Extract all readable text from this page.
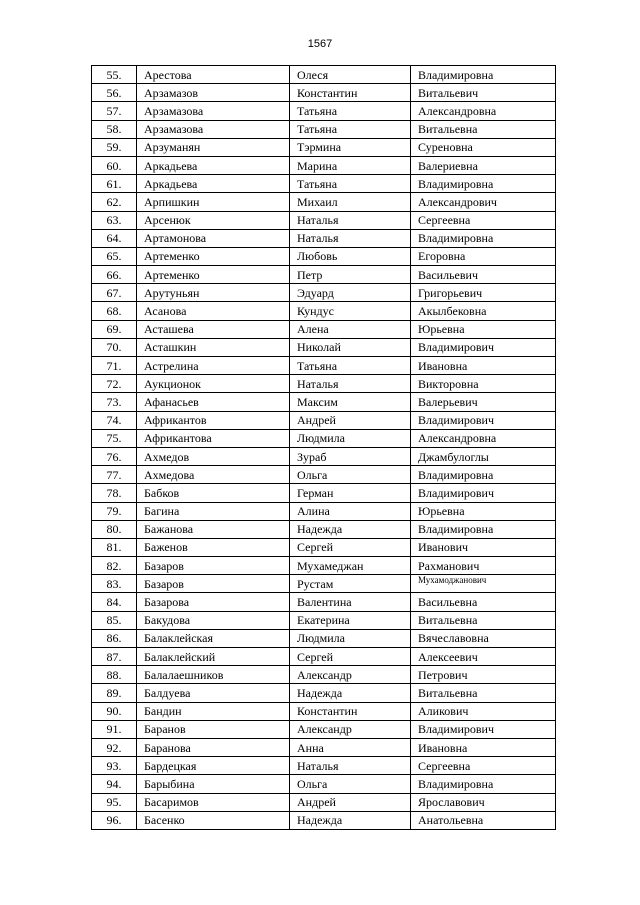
1567
55.	Арестова	Олеся	Владимировна
56.	Арзамазов	Константин	Витальевич
57.	Арзамазова	Татьяна	Александровна
58.	Арзамазова	Татьяна	Витальевна
59.	Арзуманян	Тэрмина	Суреновна
60.	Аркадьева	Марина	Валериевна
61.	Аркадьева	Татьяна	Владимировна
62.	Арпишкин	Михаил	Александрович
63.	Арсенюк	Наталья	Сергеевна
64.	Артамонова	Наталья	Владимировна
65.	Артеменко	Любовь	Егоровна
66.	Артеменко	Петр	Васильевич
67.	Арутуньян	Эдуард	Григорьевич
68.	Асанова	Кундус	Акылбековна
69.	Асташева	Алена	Юрьевна
70.	Асташкин	Николай	Владимирович
71.	Астрелина	Татьяна	Ивановна
72.	Аукционок	Наталья	Викторовна
73.	Афанасьев	Максим	Валерьевич
74.	Африкантов	Андрей	Владимирович
75.	Африкантова	Людмила	Александровна
76.	Ахмедов	Зураб	Джамбулоглы
77.	Ахмедова	Ольга	Владимировна
78.	Бабков	Герман	Владимирович
79.	Багина	Алина	Юрьевна
80.	Бажанова	Надежда	Владимировна
81.	Баженов	Сергей	Иванович
82.	Базаров	Мухамеджан	Рахманович
83.	Базаров	Рустам	Мухамоджанович
84.	Базарова	Валентина	Васильевна
85.	Бакудова	Екатерина	Витальевна
86.	Балаклейская	Людмила	Вячеславовна
87.	Балаклейский	Сергей	Алексеевич
88.	Балалаешников	Александр	Петрович
89.	Балдуева	Надежда	Витальевна
90.	Бандин	Константин	Аликович
91.	Баранов	Александр	Владимирович
92.	Баранова	Анна	Ивановна
93.	Бардецкая	Наталья	Сергеевна
94.	Барыбина	Ольга	Владимировна
95.	Басаримов	Андрей	Ярославович
96.	Басенко	Надежда	Анатольевна
